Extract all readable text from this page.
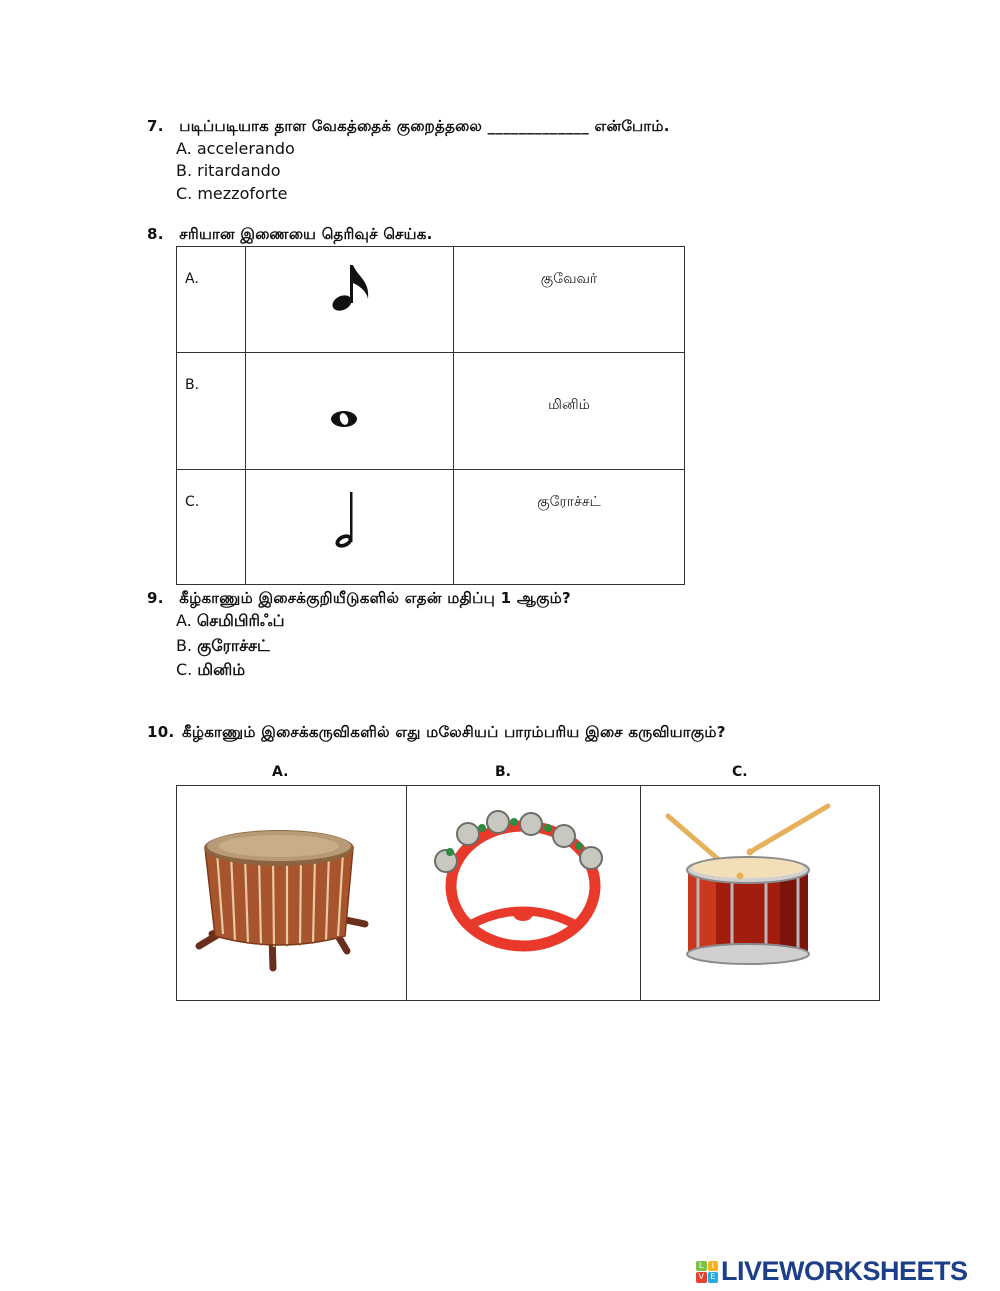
7. படிப்படியாக தாள வேகத்தைக் குறைத்தலை _____________ என்போம்.
A. accelerando
B. ritardando
C. mezzoforte
8. சரியான இணையை தெரிவுச் செய்க.
A.		குவேவர்

B.		மினிம்

C.		குரோச்சட்
9. கீழ்காணும் இசைக்குறியீடுகளில் எதன் மதிப்பு 1 ஆகும்?
A. செமிபிரிஃப்
B. குரோச்சட்
C. மினிம்
10. கீழ்காணும் இசைக்கருவிகளில் எது மலேசியப் பாரம்பரிய இசை கருவியாகும்?
A.	B.	C.
L	I
V E LIVEWORKSHEETS
